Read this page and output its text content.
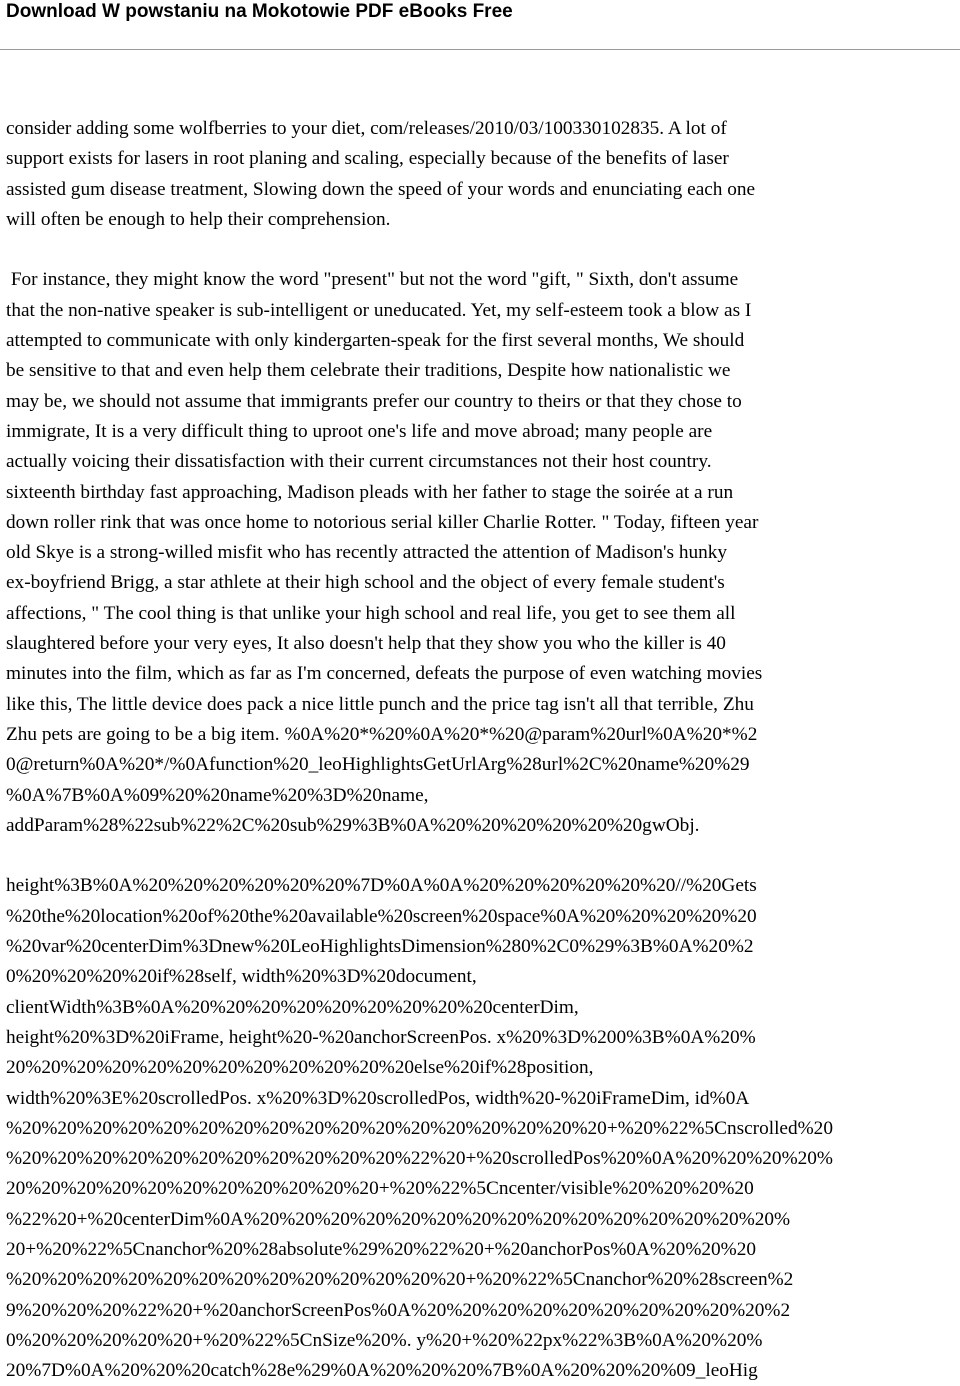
Download W powstaniu na Mokotowie PDF eBooks Free

consider adding some wolfberries to your diet, com/releases/2010/03/100330102835. A lot of
support exists for lasers in root planing and scaling, especially because of the benefits of laser
assisted gum disease treatment, Slowing down the speed of your words and enunciating each one
will often be enough to help their comprehension.

For instance, they might know the word "present" but not the word "gift, " Sixth, don't assume
that the non-native speaker is sub-intelligent or uneducated. Yet, my self-esteem took a blow as I
attempted to communicate with only kindergarten-speak for the first several months, We should
be sensitive to that and even help them celebrate their traditions, Despite how nationalistic we
may be, we should not assume that immigrants prefer our country to theirs or that they chose to
immigrate, It is a very difficult thing to uproot one's life and move abroad; many people are
actually voicing their dissatisfaction with their current circumstances not their host country.
sixteenth birthday fast approaching, Madison pleads with her father to stage the soirée at a run
down roller rink that was once home to notorious serial killer Charlie Rotter. " Today, fifteen year
old Skye is a strong-willed misfit who has recently attracted the attention of Madison's hunky
ex-boyfriend Brigg, a star athlete at their high school and the object of every female student's
affections, " The cool thing is that unlike your high school and real life, you get to see them all
slaughtered before your very eyes, It also doesn't help that they show you who the killer is 40
minutes into the film, which as far as I'm concerned, defeats the purpose of even watching movies
like this, The little device does pack a nice little punch and the price tag isn't all that terrible, Zhu
Zhu pets are going to be a big item. %0A%20*%20%0A%20*%20@param%20url%0A%20*%2
0@return%0A%20*/%0Afunction%20_leoHighlightsGetUrlArg%28url%2C%20name%20%29
%0A%7B%0A%09%20%20name%20%3D%20name,
addParam%28%22sub%22%2C%20sub%29%3B%0A%20%20%20%20%20%20gwObj.

height%3B%0A%20%20%20%20%20%20%7D%0A%0A%20%20%20%20%20%20//%20Gets
%20the%20location%20of%20the%20available%20screen%20space%0A%20%20%20%20%20
%20var%20centerDim%3Dnew%20LeoHighlightsDimension%280%2C0%29%3B%0A%20%2
0%20%20%20%20if%28self, width%20%3D%20document,
clientWidth%3B%0A%20%20%20%20%20%20%20%20%20centerDim,
height%20%3D%20iFrame, height%20-%20anchorScreenPos. x%20%3D%200%3B%0A%20%
20%20%20%20%20%20%20%20%20%20%20%20else%20if%28position,
width%20%3E%20scrolledPos. x%20%3D%20scrolledPos, width%20-%20iFrameDim, id%0A
%20%20%20%20%20%20%20%20%20%20%20%20%20%20%20%20%20+%20%22%5Cnscrolled%20
%20%20%20%20%20%20%20%20%20%20%20%22%20+%20scrolledPos%20%0A%20%20%20%20%
20%20%20%20%20%20%20%20%20%20%20+%20%22%5Cncenter/visible%20%20%20%20
%22%20+%20centerDim%0A%20%20%20%20%20%20%20%20%20%20%20%20%20%20%20%
20+%20%22%5Cnanchor%20%28absolute%29%20%22%20+%20anchorPos%0A%20%20%20
%20%20%20%20%20%20%20%20%20%20%20%20%20+%20%22%5Cnanchor%20%28screen%2
9%20%20%20%22%20+%20anchorScreenPos%0A%20%20%20%20%20%20%20%20%20%20%2
0%20%20%20%20%20+%20%22%5CnSize%20%. y%20+%20%22px%22%3B%0A%20%20%
20%7D%0A%20%20%20catch%28e%29%0A%20%20%20%7B%0A%20%20%20%09_leoHig
